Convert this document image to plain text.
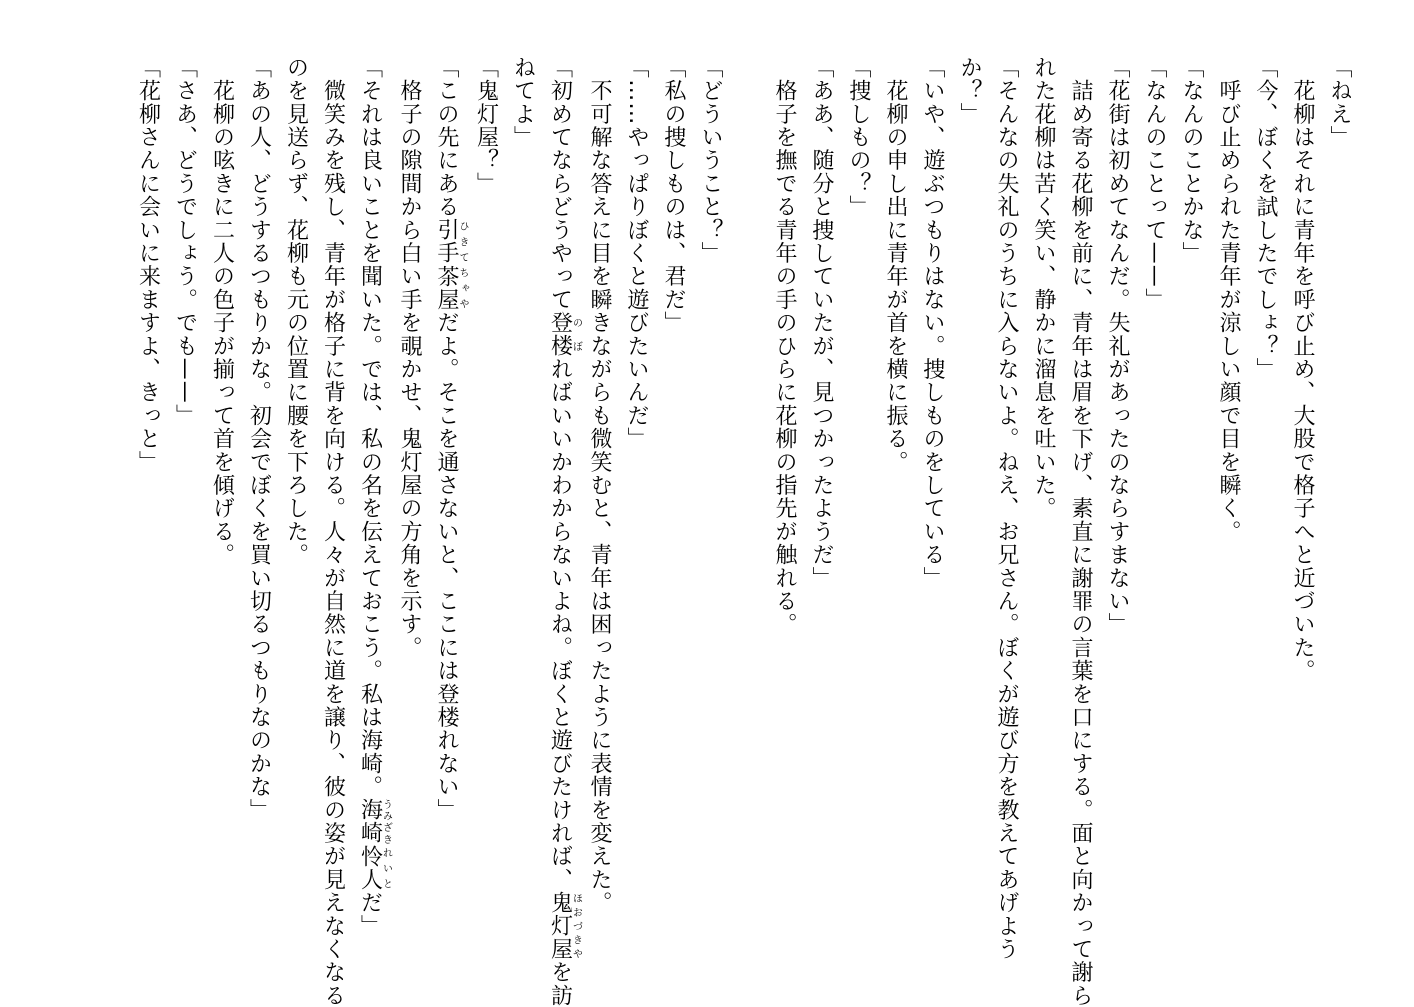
「ねえ」
　花柳はそれに青年を呼び止め、大股で格子へと近づいた。
「今、ぼくを試したでしょ？」
　呼び止められた青年が涼しい顔で目を瞬く。
「なんのことかな」
「なんのことって——」
「花街は初めてなんだ。失礼があったのならすまない」
　詰め寄る花柳を前に、青年は眉を下げ、素直に謝罪の言葉を口にする。面と向かって謝ら
れた花柳は苦く笑い、静かに溜息を吐いた。
「そんなの失礼のうちに入らないよ。ねえ、お兄さん。ぼくが遊び方を教えてあげよう
か？」
「いや、遊ぶつもりはない。捜しものをしている」
　花柳の申し出に青年が首を横に振る。
「捜しもの？」
「ああ、随分と捜していたが、見つかったようだ」
　格子を撫でる青年の手のひらに花柳の指先が触れる。
「どういうこと？」
「私の捜しものは、君だ」
「……やっぱりぼくと遊びたいんだ」
　不可解な答えに目を瞬きながらも微笑むと、青年は困ったように表情を変えた。
「初めてならどうやって登楼のぼればいいかわからないよね。ぼくと遊びたければ、鬼灯屋ほおづきやを訪
ねてよ」
「鬼灯屋？」
「この先にある引手ひきて茶屋ちゃやだよ。そこを通さないと、ここには登楼れない」
　格子の隙間から白い手を覗かせ、鬼灯屋の方角を示す。
「それは良いことを聞いた。では、私の名を伝えておこう。私は海崎。海崎うみざき怜人れいとだ」
　微笑みを残し、青年が格子に背を向ける。人々が自然に道を譲り、彼の姿が見えなくなる
のを見送らず、花柳も元の位置に腰を下ろした。
「あの人、どうするつもりかな。初会でぼくを買い切るつもりなのかな」
　花柳の呟きに二人の色子が揃って首を傾げる。
「さあ、どうでしょう。でも——」
「花柳さんに会いに来ますよ、きっと」
